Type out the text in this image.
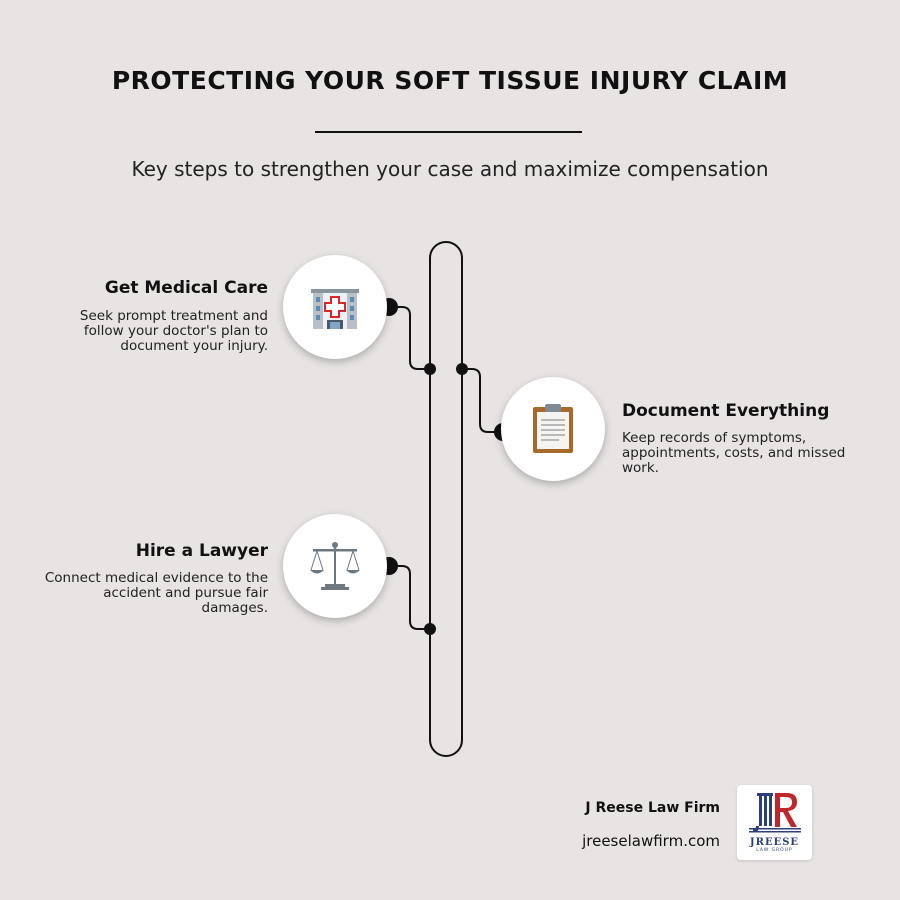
PROTECTING YOUR SOFT TISSUE INJURY CLAIM
Key steps to strengthen your case and maximize compensation
Get Medical Care
Seek prompt treatment and follow your doctor's plan to document your injury.
Document Everything
Keep records of symptoms, appointments, costs, and missed work.
Hire a Lawyer
Connect medical evidence to the accident and pursue fair damages.
J Reese Law Firm
jreeselawfirm.com	JREESE
LAW GROUP
